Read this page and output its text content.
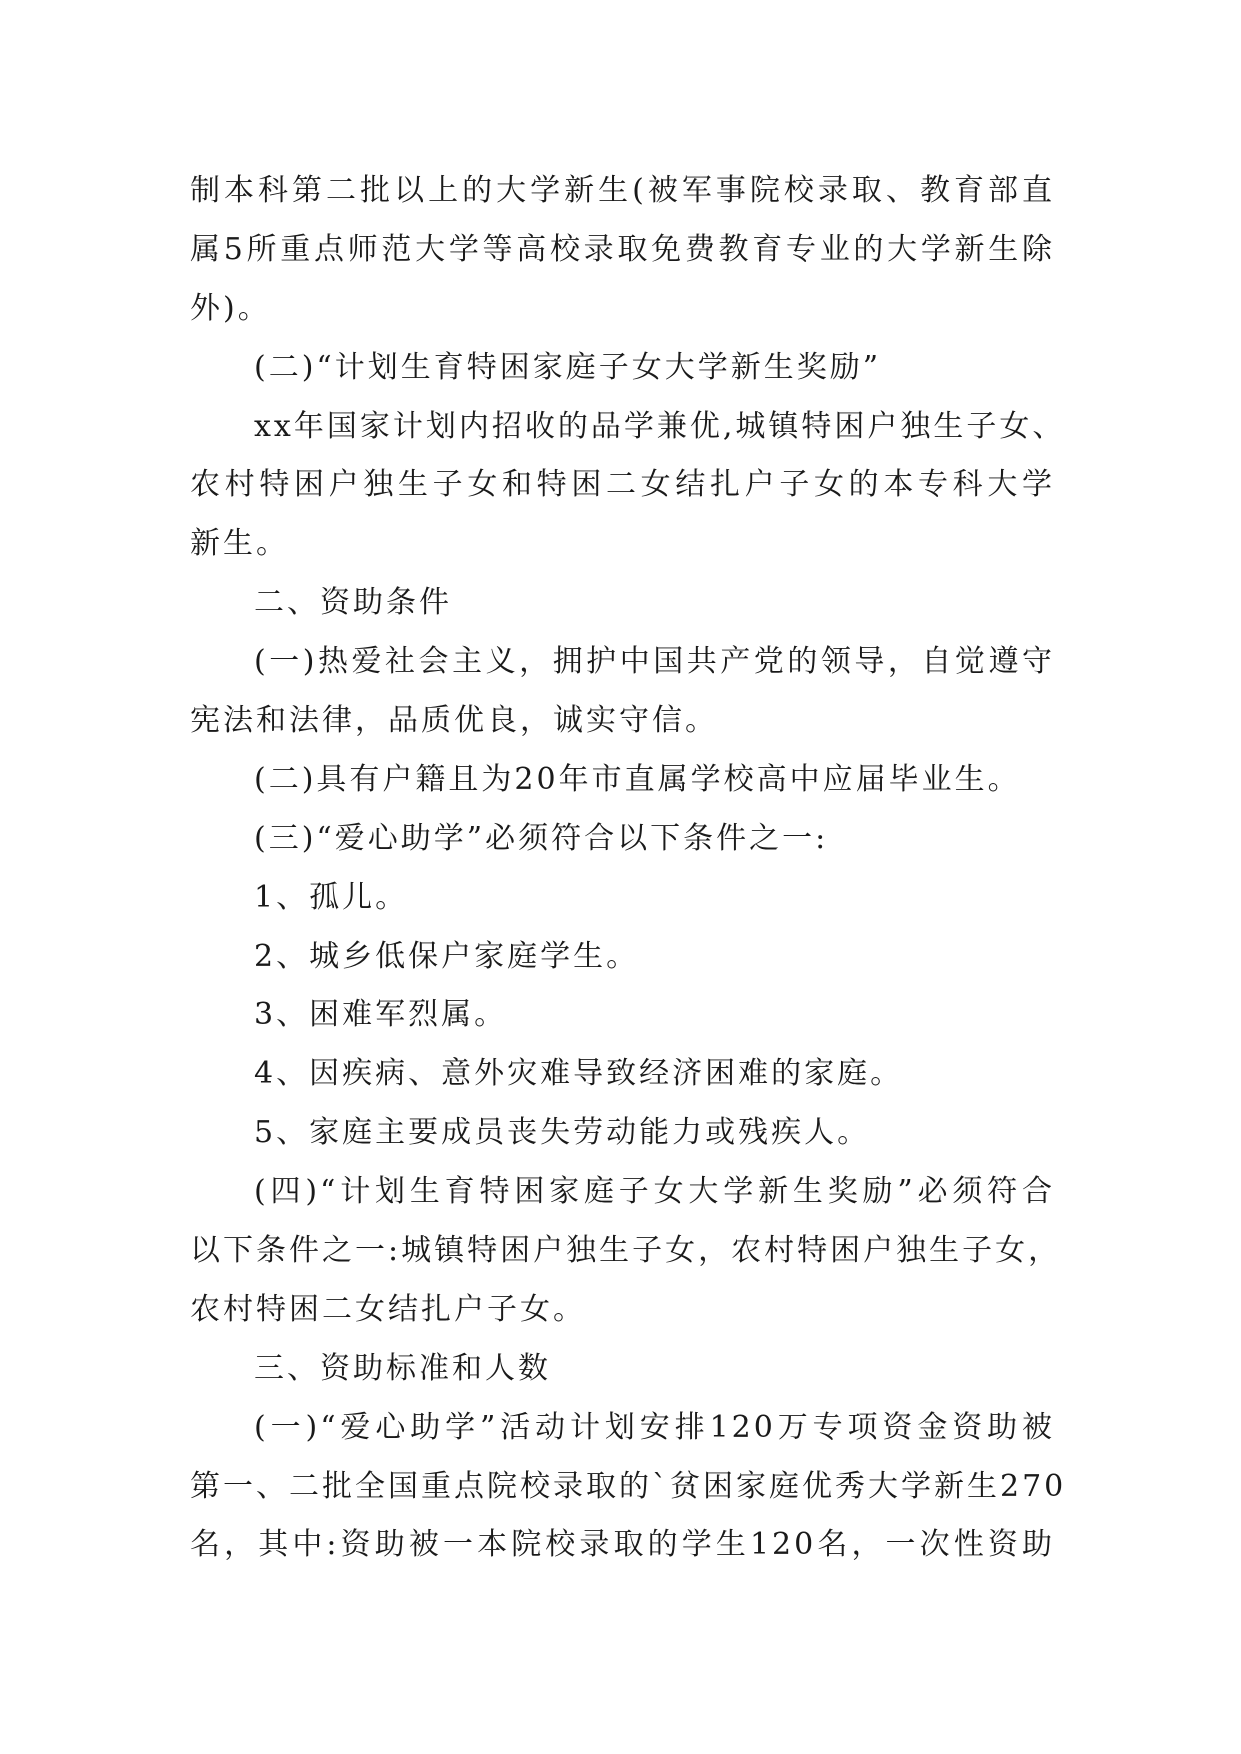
制本科第二批以上的大学新生(被军事院校录取、教育部直
属5所重点师范大学等高校录取免费教育专业的大学新生除
外)。
(二)“计划生育特困家庭子女大学新生奖励”
xx年国家计划内招收的品学兼优,城镇特困户独生子女、
农村特困户独生子女和特困二女结扎户子女的本专科大学
新生。
二、资助条件
(一)热爱社会主义，拥护中国共产党的领导，自觉遵守
宪法和法律，品质优良，诚实守信。
(二)具有户籍且为20年市直属学校高中应届毕业生。
(三)“爱心助学”必须符合以下条件之一:
1、孤儿。
2、城乡低保户家庭学生。
3、困难军烈属。
4、因疾病、意外灾难导致经济困难的家庭。
5、家庭主要成员丧失劳动能力或残疾人。
(四)“计划生育特困家庭子女大学新生奖励”必须符合
以下条件之一:城镇特困户独生子女，农村特困户独生子女，
农村特困二女结扎户子女。
三、资助标准和人数
(一)“爱心助学”活动计划安排120万专项资金资助被
第一、二批全国重点院校录取的`贫困家庭优秀大学新生270
名，其中:资助被一本院校录取的学生120名，一次性资助
